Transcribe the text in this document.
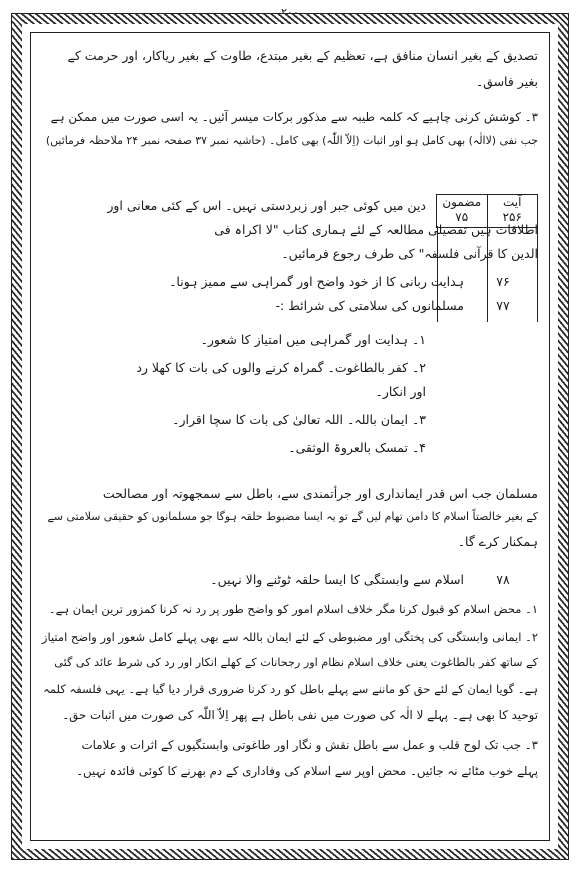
۲۰۰
تصدیق کے بغیر انسان منافق ہے، تعظیم کے بغیر مبتدع، طاوت کے بغیر ریاکار، اور حرمت کے
بغیر فاسق۔
۳۔ کوشش کرنی چاہیے کہ کلمہ طیبہ سے مذکور برکات میسر آئیں۔ یہ اسی صورت میں ممکن ہے
جب نفی (لاالٰہ) بھی کامل ہو اور اثبات (اِلاّ اللّٰہ) بھی کامل۔ (حاشیہ نمبر ۳۷ صفحہ نمبر ۲۴ ملاحظہ فرمائیں)
آیت
۲۵۶
مضمون
۷۵
دین میں کوئی جبر اور زبردستی نہیں۔ اس کے کئی معانی اور
اطلاقات ہیں تفصیلی مطالعہ کے لئے ہماری کتاب "لا اکراہ فی
الدین کا قرآنی فلسفہ" کی طرف رجوع فرمائیں۔
۷۶ ہدایت ربانی کا از خود واضح اور گمراہی سے ممیز ہونا۔
۷۷ مسلمانوں کی سلامتی کی شرائط :-
۱۔ ہدایت اور گمراہی میں امتیاز کا شعور۔
۲۔ کفر بالطاغوت۔ گمراہ کرنے والوں کی بات کا کھلا رد
اور انکار۔
۳۔ ایمان باللہ۔ اللہ تعالیٰ کی بات کا سچا اقرار۔
۴۔ تمسک بالعروۃ الوثقی۔
مسلمان جب اس قدر ایمانداری اور جرأتمندی سے، باطل سے سمجھوتہ اور مصالحت
کے بغیر خالصتاً اسلام کا دامن تھام لیں گے تو یہ ایسا مضبوط حلقہ ہوگا جو مسلمانوں کو حقیقی سلامتی سے
ہمکنار کرے گا۔
۷۸ اسلام سے وابستگی کا ایسا حلقہ ٹوٹنے والا نہیں۔
۱۔ محض اسلام کو قبول کرنا مگر خلاف اسلام امور کو واضح طور پر رد نہ کرنا کمزور ترین ایمان ہے۔
۲۔ ایمانی وابستگی کی پختگی اور مضبوطی کے لئے ایمان باللہ سے بھی پہلے کامل شعور اور واضح امتیاز
کے ساتھ کفر بالطاغوت یعنی خلاف اسلام نظام اور رجحانات کے کھلے انکار اور رد کی شرط عائد کی گئی
ہے۔ گویا ایمان کے لئے حق کو ماننے سے پہلے باطل کو رد کرنا ضروری قرار دیا گیا ہے۔ یہی فلسفہ کلمہ
توحید کا بھی ہے۔ پہلے لا الٰہ کی صورت میں نفی باطل ہے پھر اِلاّ اللّٰہ کی صورت میں اثبات حق۔
۳۔ جب تک لوح قلب و عمل سے باطل نقش و نگار اور طاغوتی وابستگیوں کے اثرات و علامات
پہلے خوب مٹائے نہ جائیں۔ محض اوپر سے اسلام کی وفاداری کے دم بھرنے کا کوئی فائدہ نہیں۔
